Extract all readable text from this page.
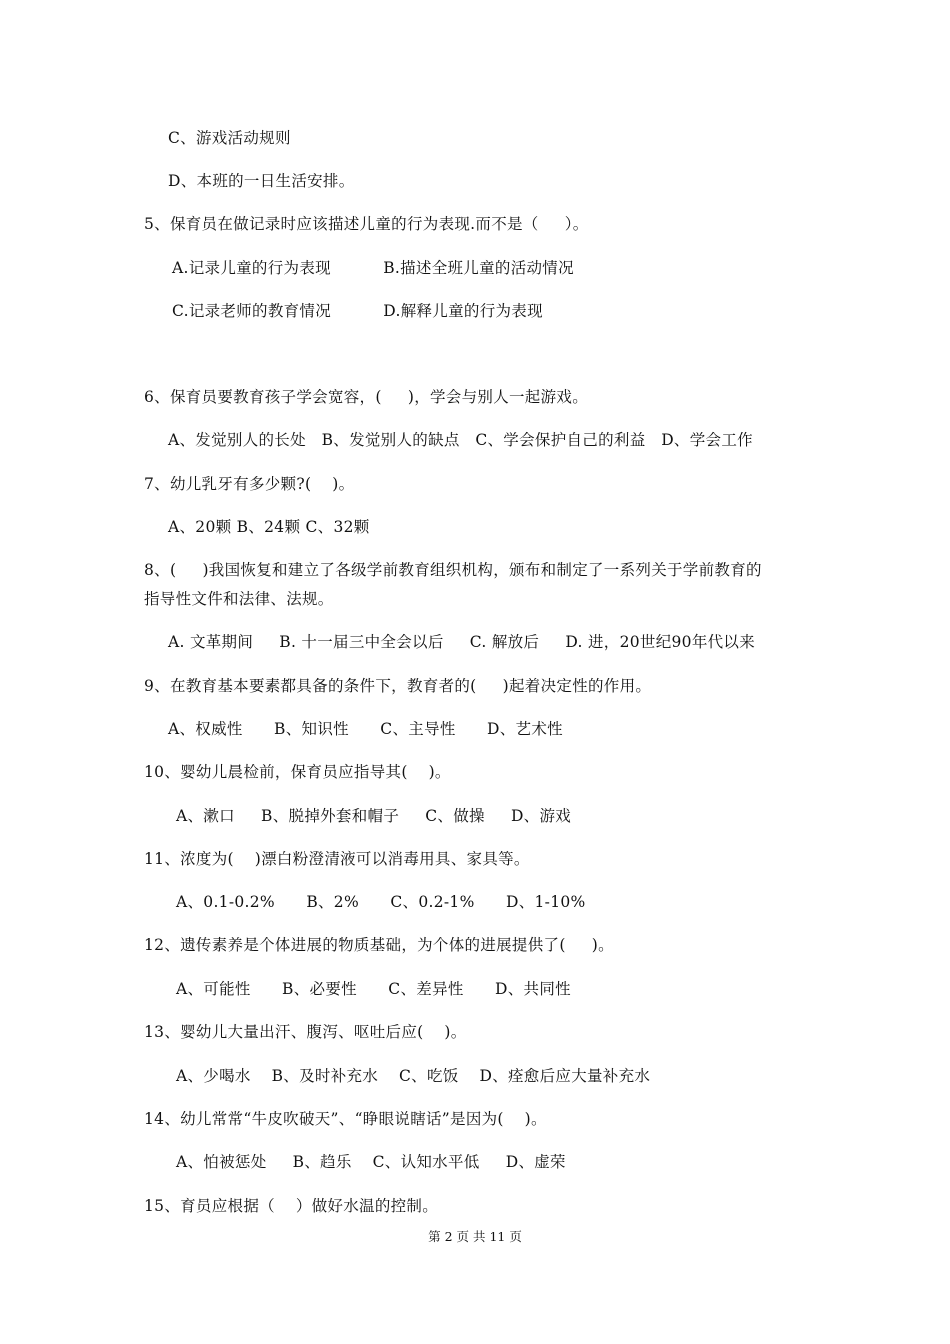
C、游戏活动规则
D、本班的一日生活安排。
5、保育员在做记录时应该描述儿童的行为表现.而不是（     ）。
A.记录儿童的行为表现          B.描述全班儿童的活动情况
C.记录老师的教育情况          D.解释儿童的行为表现
6、保育员要教育孩子学会宽容，(     )，学会与别人一起游戏。
A、发觉别人的长处   B、发觉别人的缺点   C、学会保护自己的利益   D、学会工作
7、幼儿乳牙有多少颗?(    )。
A、20颗 B、24颗 C、32颗
8、(     )我国恢复和建立了各级学前教育组织机构，颁布和制定了一系列关于学前教育的
指导性文件和法律、法规。
A. 文革期间     B. 十一届三中全会以后     C. 解放后     D. 进，20世纪90年代以来
9、在教育基本要素都具备的条件下，教育者的(     )起着决定性的作用。
A、权威性      B、知识性      C、主导性      D、艺术性
10、婴幼儿晨检前，保育员应指导其(    )。
A、漱口     B、脱掉外套和帽子     C、做操     D、游戏
11、浓度为(    )漂白粉澄清液可以消毒用具、家具等。
A、0.1-0.2%      B、2%      C、0.2-1%      D、1-10%
12、遗传素养是个体进展的物质基础，为个体的进展提供了(     )。
A、可能性      B、必要性      C、差异性      D、共同性
13、婴幼儿大量出汗、腹泻、呕吐后应(    )。
A、少喝水    B、及时补充水    C、吃饭    D、痊愈后应大量补充水
14、幼儿常常“牛皮吹破天”、“睁眼说瞎话”是因为(    )。
A、怕被惩处     B、趋乐    C、认知水平低     D、虚荣
15、育员应根据（    ）做好水温的控制。
第 2 页 共 11 页
